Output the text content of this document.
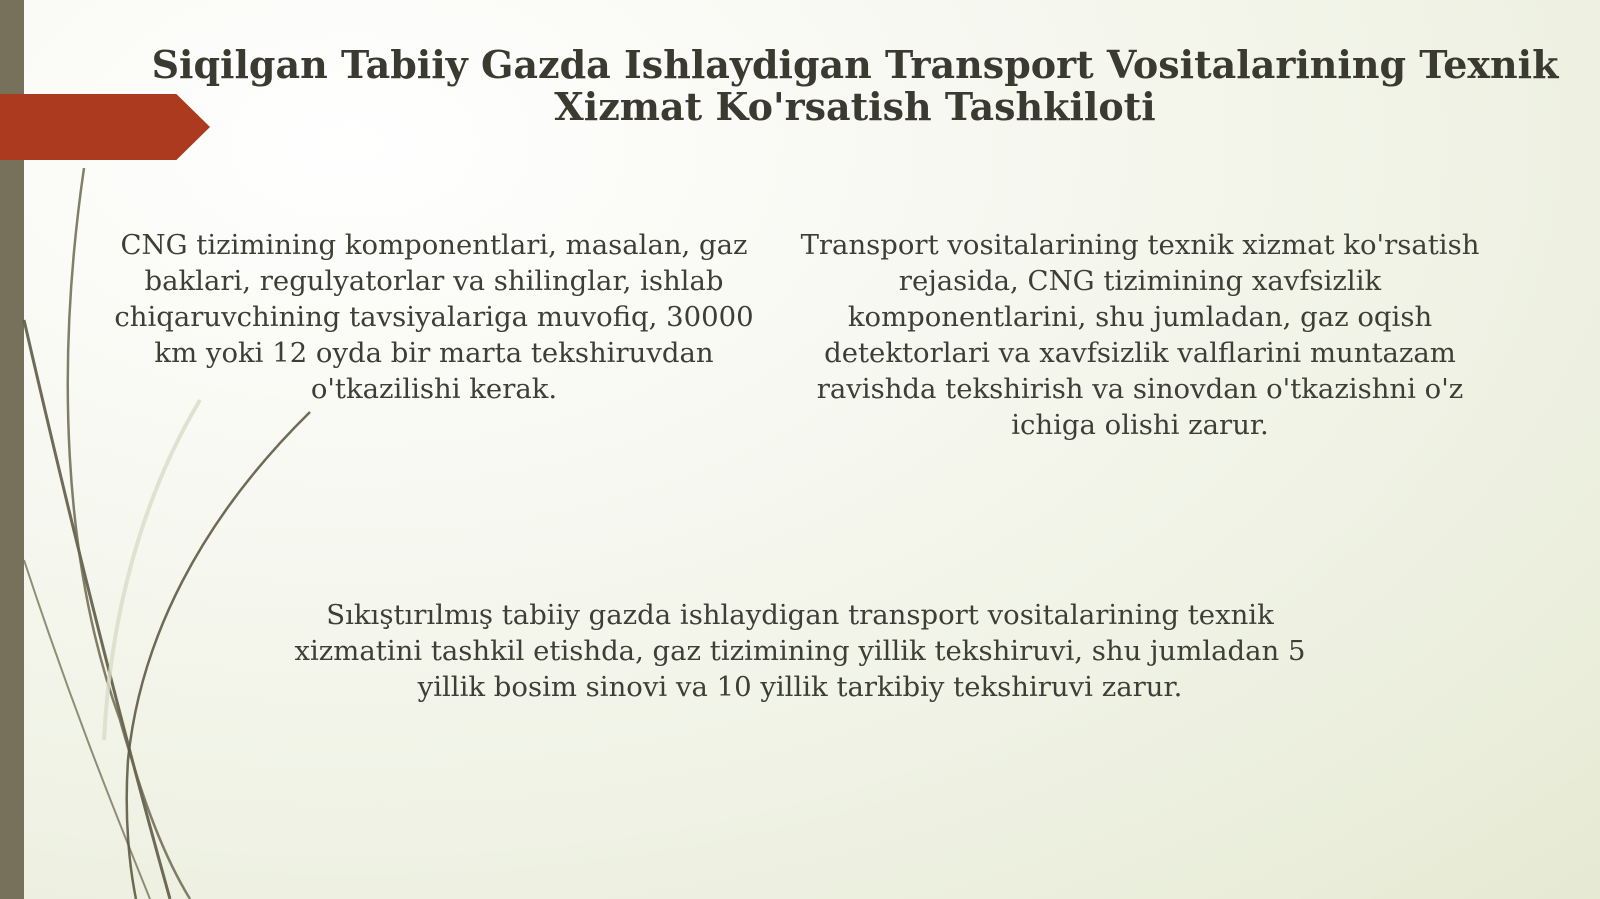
Siqilgan Tabiiy Gazda Ishlaydigan Transport Vositalarining Texnik Xizmat Ko'rsatish Tashkiloti

CNG tizimining komponentlari, masalan, gaz baklari, regulyatorlar va shilinglar, ishlab chiqaruvchining tavsiyalariga muvofiq, 30000 km yoki 12 oyda bir marta tekshiruvdan o'tkazilishi kerak.

Transport vositalarining texnik xizmat ko'rsatish rejasida, CNG tizimining xavfsizlik komponentlarini, shu jumladan, gaz oqish detektorlari va xavfsizlik valflarini muntazam ravishda tekshirish va sinovdan o'tkazishni o'z ichiga olishi zarur.

Sıkıştırılmış tabiiy gazda ishlaydigan transport vositalarining texnik xizmatini tashkil etishda, gaz tizimining yillik tekshiruvi, shu jumladan 5 yillik bosim sinovi va 10 yillik tarkibiy tekshiruvi zarur.
